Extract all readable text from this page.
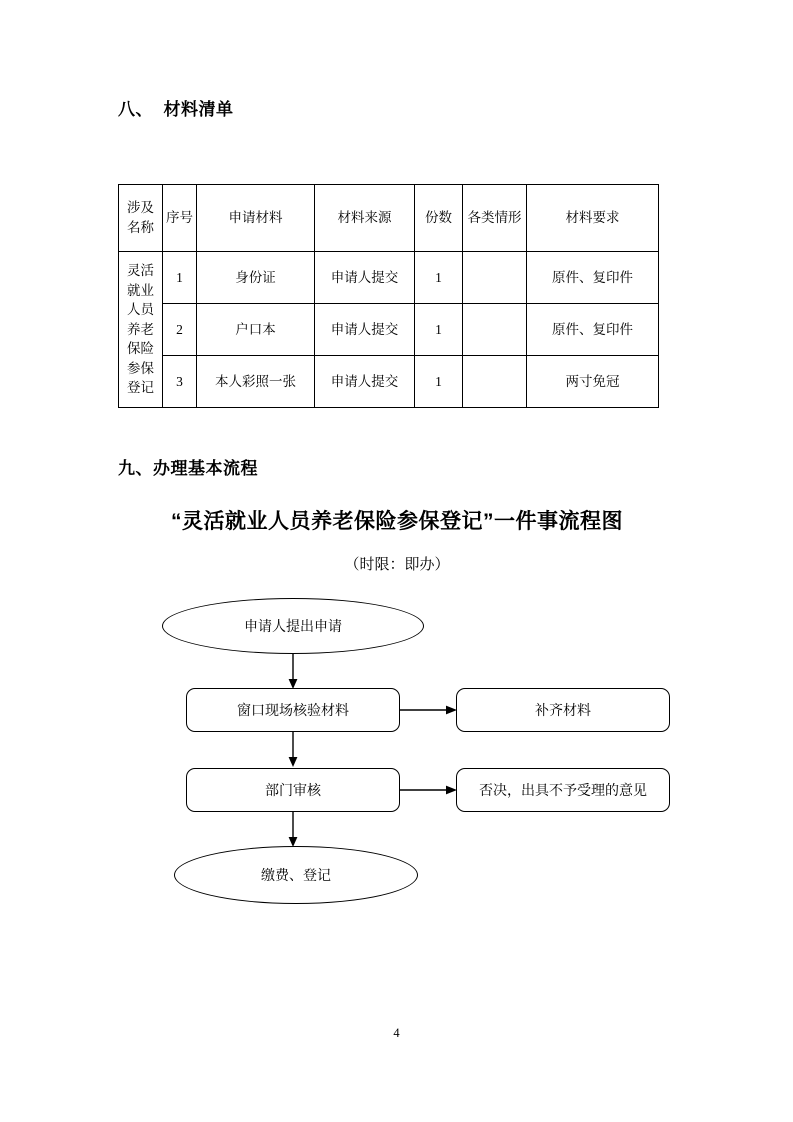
八、  材料清单
涉及名称	序号	申请材料	材料来源	份数	各类情形	材料要求

灵活就业人员养老保险参保登记	1	身份证	申请人提交	1		原件、复印件
	2	户口本	申请人提交	1		原件、复印件
	3	本人彩照一张	申请人提交	1		两寸免冠
九、办理基本流程
“灵活就业人员养老保险参保登记”一件事流程图
（时限：即办）
申请人提出申请
窗口现场核验材料	补齐材料
部门审核	否决，出具不予受理的意见
缴费、登记
4
